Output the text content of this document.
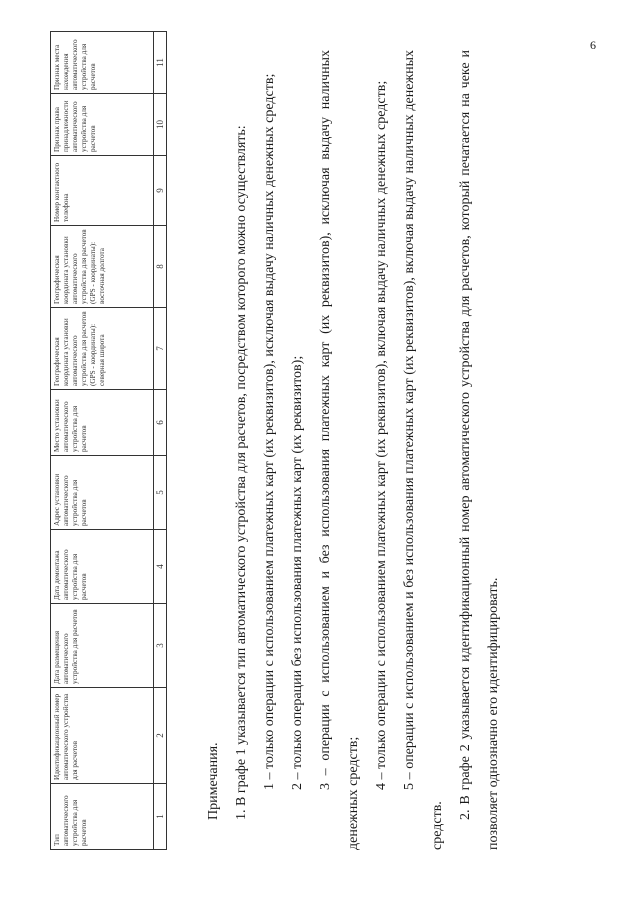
6
Тип автоматического устройства для расчетов	Идентификационный номер автоматического устройства для расчетов	Дата размещения автоматического устройства для расчетов	Дата демонтажа автоматического устройства для расчетов	Адрес установки автоматического устройства для расчетов	Место установки автоматического устройства для расчетов	Географическая координата установки автоматического устройства для расчетов (GPS - координаты): северная широта	Географическая координата установки автоматического устройства для расчетов (GPS - координаты): восточная долгота	Номер контактного телефона	Признак права принадлежности автоматического устройства для расчетов	Признак места нахождения автоматического устройства для расчетов
1	2	3	4	5	6	7	8	9	10	11

Примечания. 1. В графе 1 указывается тип автоматического устройства для расчетов, посредством которого можно осуществлять: 1 – только операции с использованием платежных карт (их реквизитов), исключая выдачу наличных денежных средств; 2 – только операции без использования платежных карт (их реквизитов); 3 – операции с использованием и без использования платежных карт (их реквизитов), исключая выдачу наличных денежных средств;

4 – только операции с использованием платежных карт (их реквизитов), включая выдачу наличных денежных средств; 5 – операции с использованием и без использования платежных карт (их реквизитов), включая выдачу наличных денежных средств.

2. В графе 2 указывается идентификационный номер автоматического устройства для расчетов, который печатается на чеке и позволяет однозначно его идентифицировать.
